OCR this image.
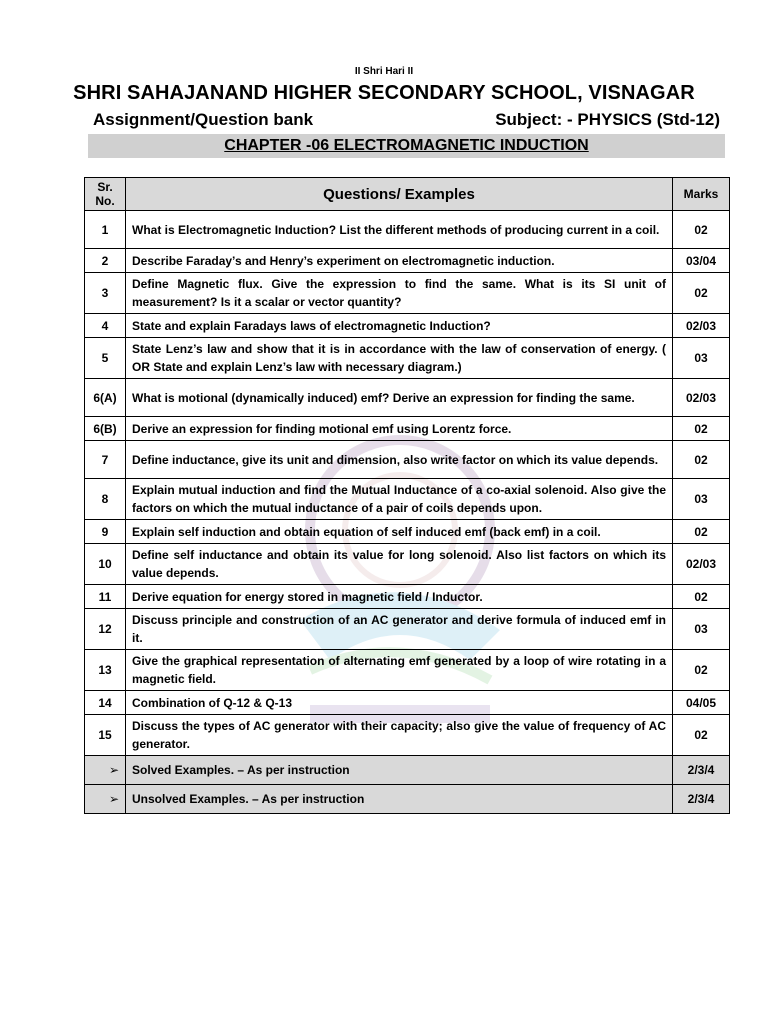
II Shri Hari II
SHRI SAHAJANAND HIGHER SECONDARY SCHOOL, VISNAGAR
Assignment/Question bank	Subject: - PHYSICS (Std-12)
CHAPTER -06 ELECTROMAGNETIC INDUCTION
Sr. No.	Questions/ Examples	Marks
1	What is Electromagnetic Induction? List the different methods of producing current in a coil.	02
2	Describe Faraday’s and Henry’s experiment on electromagnetic induction.	03/04
3	Define Magnetic flux. Give the expression to find the same. What is its SI unit of measurement? Is it a scalar or vector quantity?	02
4	State and explain Faradays laws of electromagnetic Induction?	02/03
5	State Lenz’s law and show that it is in accordance with the law of conservation of energy. ( OR State and explain Lenz’s law with necessary diagram.)	03
6(A)	What is motional (dynamically induced) emf? Derive an expression for finding the same.	02/03
6(B)	Derive an expression for finding motional emf using Lorentz force.	02
7	Define inductance, give its unit and dimension, also write factor on which its value depends.	02
8	Explain mutual induction and find the Mutual Inductance of a co-axial solenoid. Also give the factors on which the mutual inductance of a pair of coils depends upon.	03
9	Explain self induction and obtain equation of self induced emf (back emf) in a coil.	02
10	Define self inductance and obtain its value for long solenoid. Also list factors on which its value depends.	02/03
11	Derive equation for energy stored in magnetic field / Inductor.	02
12	Discuss principle and construction of an AC generator and derive formula of induced emf in it.	03
13	Give the graphical representation of alternating emf generated by a loop of wire rotating in a magnetic field.	02
14	Combination of Q-12 & Q-13	04/05
15	Discuss the types of AC generator with their capacity; also give the value of frequency of AC generator.	02
➢	Solved Examples. – As per instruction	2/3/4
➢	Unsolved Examples. – As per instruction	2/3/4
